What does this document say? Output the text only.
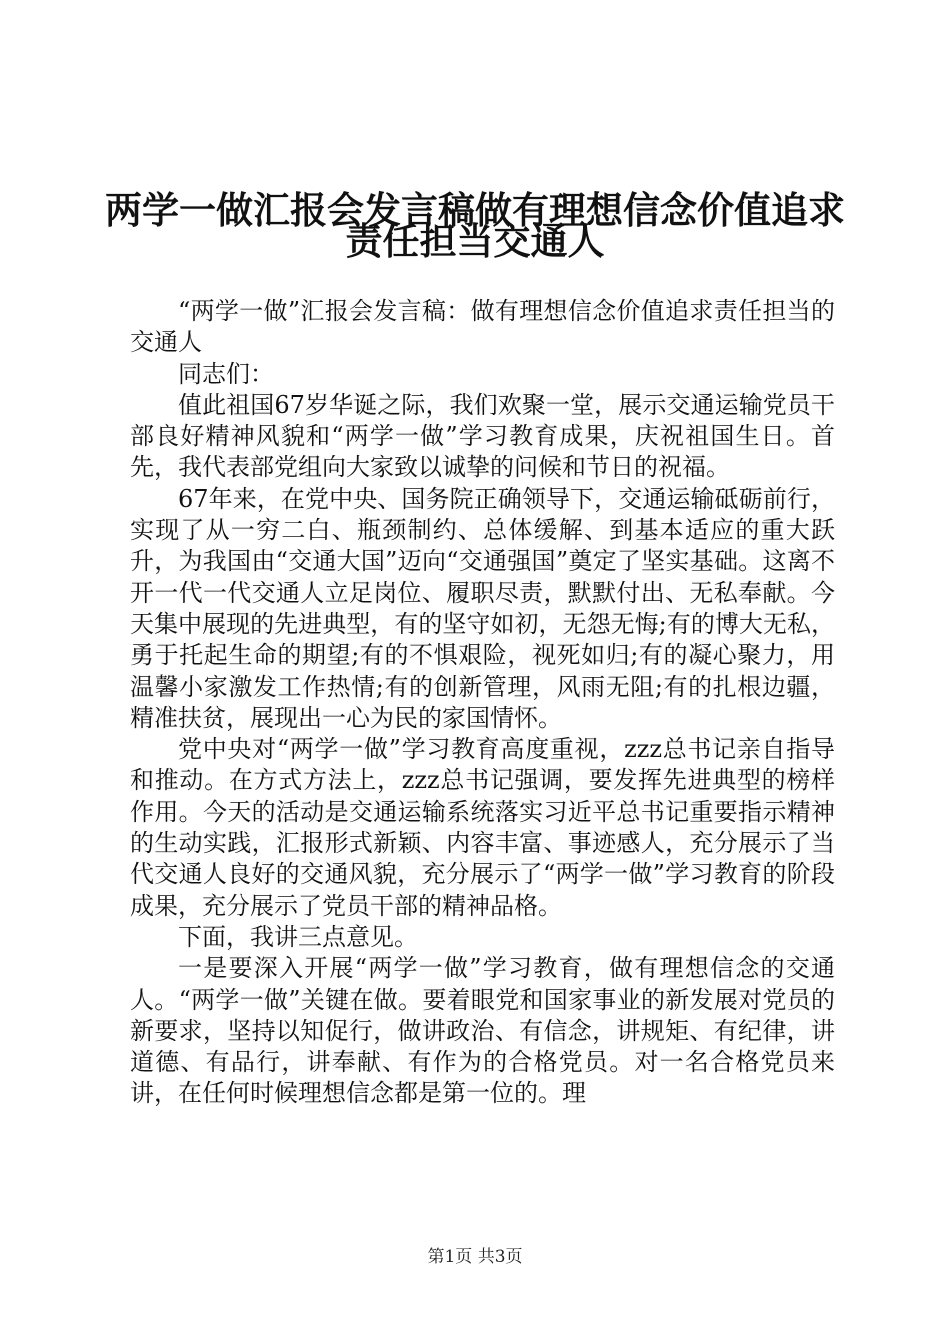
两学一做汇报会发言稿做有理想信念价值追求
责任担当交通人

“两学一做”汇报会发言稿：做有理想信念价值追求责任担当的交通人

同志们：

值此祖国67岁华诞之际，我们欢聚一堂，展示交通运输党员干部良好精神风貌和“两学一做”学习教育成果，庆祝祖国生日。首先，我代表部党组向大家致以诚挚的问候和节日的祝福。

67年来，在党中央、国务院正确领导下，交通运输砥砺前行，实现了从一穷二白、瓶颈制约、总体缓解、到基本适应的重大跃升，为我国由“交通大国”迈向“交通强国”奠定了坚实基础。这离不开一代一代交通人立足岗位、履职尽责，默默付出、无私奉献。今天集中展现的先进典型，有的坚守如初，无怨无悔;有的博大无私，勇于托起生命的期望;有的不惧艰险，视死如归;有的凝心聚力，用温馨小家激发工作热情;有的创新管理，风雨无阻;有的扎根边疆，精准扶贫，展现出一心为民的家国情怀。

党中央对“两学一做”学习教育高度重视，zzz总书记亲自指导和推动。在方式方法上，zzz总书记强调，要发挥先进典型的榜样作用。今天的活动是交通运输系统落实习近平总书记重要指示精神的生动实践，汇报形式新颖、内容丰富、事迹感人，充分展示了当代交通人良好的交通风貌，充分展示了“两学一做”学习教育的阶段成果，充分展示了党员干部的精神品格。

下面，我讲三点意见。

一是要深入开展“两学一做”学习教育，做有理想信念的交通人。“两学一做”关键在做。要着眼党和国家事业的新发展对党员的新要求，坚持以知促行，做讲政治、有信念，讲规矩、有纪律，讲道德、有品行，讲奉献、有作为的合格党员。对一名合格党员来讲，在任何时候理想信念都是第一位的。理

第1页 共3页
